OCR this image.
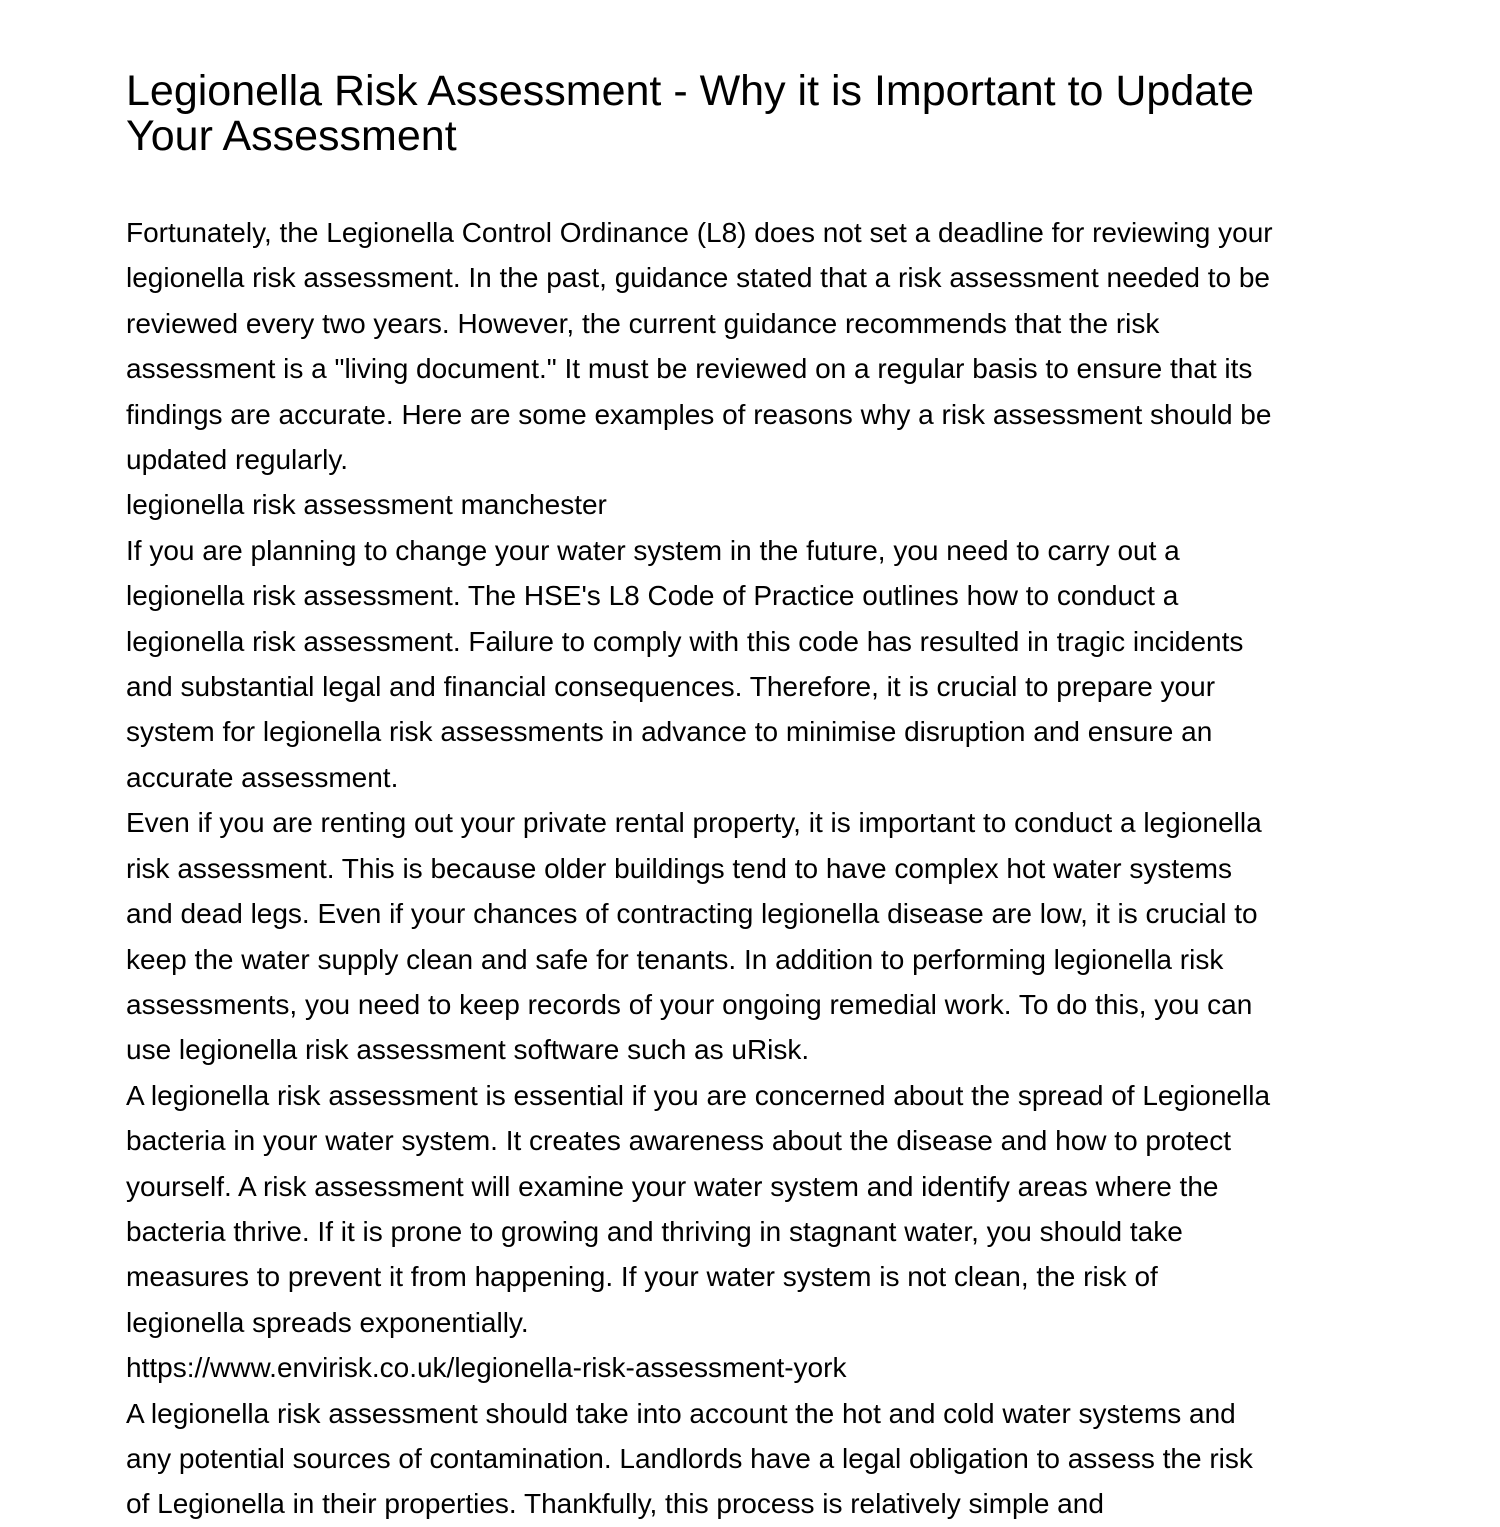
Legionella Risk Assessment - Why it is Important to Update
Your Assessment

Fortunately, the Legionella Control Ordinance (L8) does not set a deadline for reviewing your
legionella risk assessment. In the past, guidance stated that a risk assessment needed to be
reviewed every two years. However, the current guidance recommends that the risk
assessment is a "living document." It must be reviewed on a regular basis to ensure that its
findings are accurate. Here are some examples of reasons why a risk assessment should be
updated regularly.

legionella risk assessment manchester

If you are planning to change your water system in the future, you need to carry out a
legionella risk assessment. The HSE's L8 Code of Practice outlines how to conduct a
legionella risk assessment. Failure to comply with this code has resulted in tragic incidents
and substantial legal and financial consequences. Therefore, it is crucial to prepare your
system for legionella risk assessments in advance to minimise disruption and ensure an
accurate assessment.

Even if you are renting out your private rental property, it is important to conduct a legionella
risk assessment. This is because older buildings tend to have complex hot water systems
and dead legs. Even if your chances of contracting legionella disease are low, it is crucial to
keep the water supply clean and safe for tenants. In addition to performing legionella risk
assessments, you need to keep records of your ongoing remedial work. To do this, you can
use legionella risk assessment software such as uRisk.

A legionella risk assessment is essential if you are concerned about the spread of Legionella
bacteria in your water system. It creates awareness about the disease and how to protect
yourself. A risk assessment will examine your water system and identify areas where the
bacteria thrive. If it is prone to growing and thriving in stagnant water, you should take
measures to prevent it from happening. If your water system is not clean, the risk of
legionella spreads exponentially.

https://www.envirisk.co.uk/legionella-risk-assessment-york

A legionella risk assessment should take into account the hot and cold water systems and
any potential sources of contamination. Landlords have a legal obligation to assess the risk
of Legionella in their properties. Thankfully, this process is relatively simple and
